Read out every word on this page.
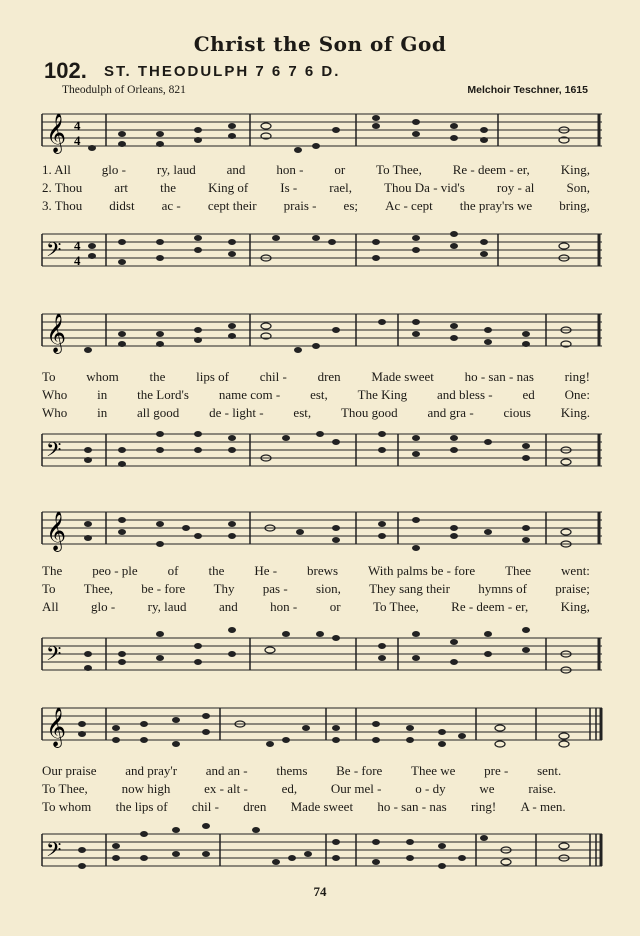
Christ the Son of God
102. ST. THEODULPH 7 6 7 6 D.
Theodulph of Orleans, 821	Melchoir Teschner, 1615
𝄞 4
4
1. All glo - ry, laud and hon - or To Thee, Re - deem - er, King,
2. Thou art the King of Is - rael, Thou Da - vid's roy - al Son,
3. Thou didst ac - cept their prais - es; Ac - cept the pray'rs we bring,
𝄢 4
4
𝄞
To whom the lips of chil - dren Made sweet ho - san - nas ring!
Who in the Lord's name com - est, The King and bless - ed One:
Who in all good de - light - est, Thou good and gra - cious King.
𝄢
𝄞
The peo - ple of the He - brews With palms be - fore Thee went:
To Thee, be - fore Thy pas - sion, They sang their hymns of praise;
All glo - ry, laud and hon - or To Thee, Re - deem - er, King,
𝄢
𝄞
Our praise and pray'r and an - thems Be - fore Thee we pre - sent.
To Thee,	now high	ex - alt -	ed,	Our mel -	o - dy	we	raise.
To whom the lips of chil - dren Made sweet ho - san - nas ring! A - men.
𝄢
74
